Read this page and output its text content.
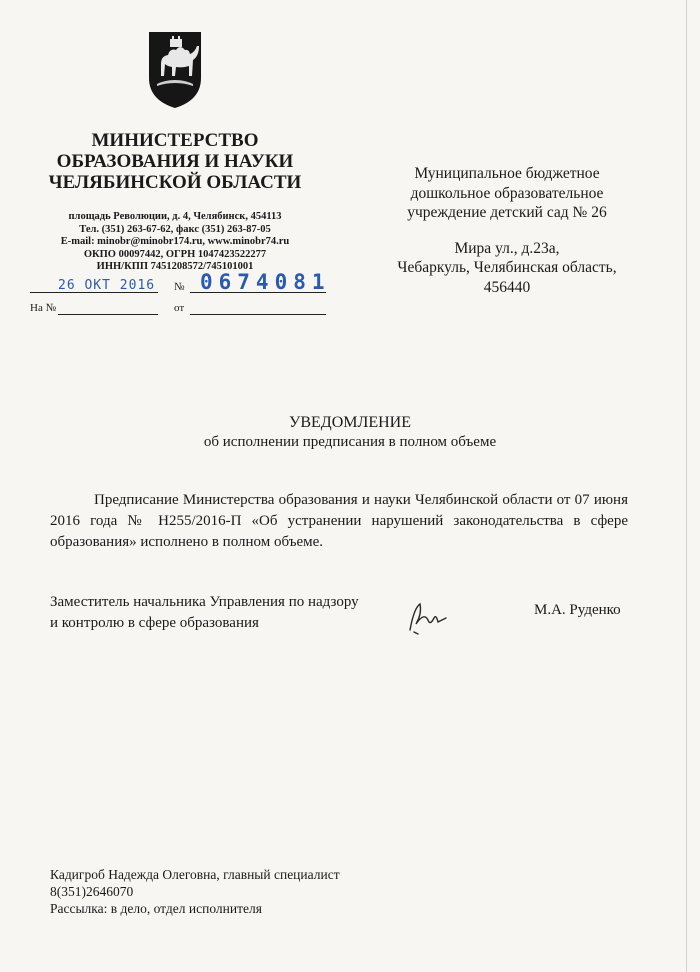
МИНИСТЕРСТВО
ОБРАЗОВАНИЯ И НАУКИ
ЧЕЛЯБИНСКОЙ ОБЛАСТИ
площадь Революции, д. 4, Челябинск, 454113
Тел. (351) 263-67-62, факс (351) 263-87-05
E-mail: minobr@minobr174.ru, www.minobr74.ru
ОКПО 00097442, ОГРН 1047423522277
ИНН/КПП 7451208572/745101001
26 ОКТ 2016 № 0674081
На №	от
Муниципальное бюджетное
дошкольное образовательное
учреждение детский сад № 26
Мира ул., д.23а,
Чебаркуль, Челябинская область,
456440
УВЕДОМЛЕНИЕ
об исполнении предписания в полном объеме

Предписание Министерства образования и науки Челябинской области от 07 июня 2016 года № Н255/2016-П «Об устранении нарушений законодательства в сфере образования» исполнено в полном объеме.

Заместитель начальника Управления по надзору
и контролю в сфере образования
М.А. Руденко
Кадигроб Надежда Олеговна, главный специалист
8(351)2646070
Рассылка: в дело, отдел исполнителя
